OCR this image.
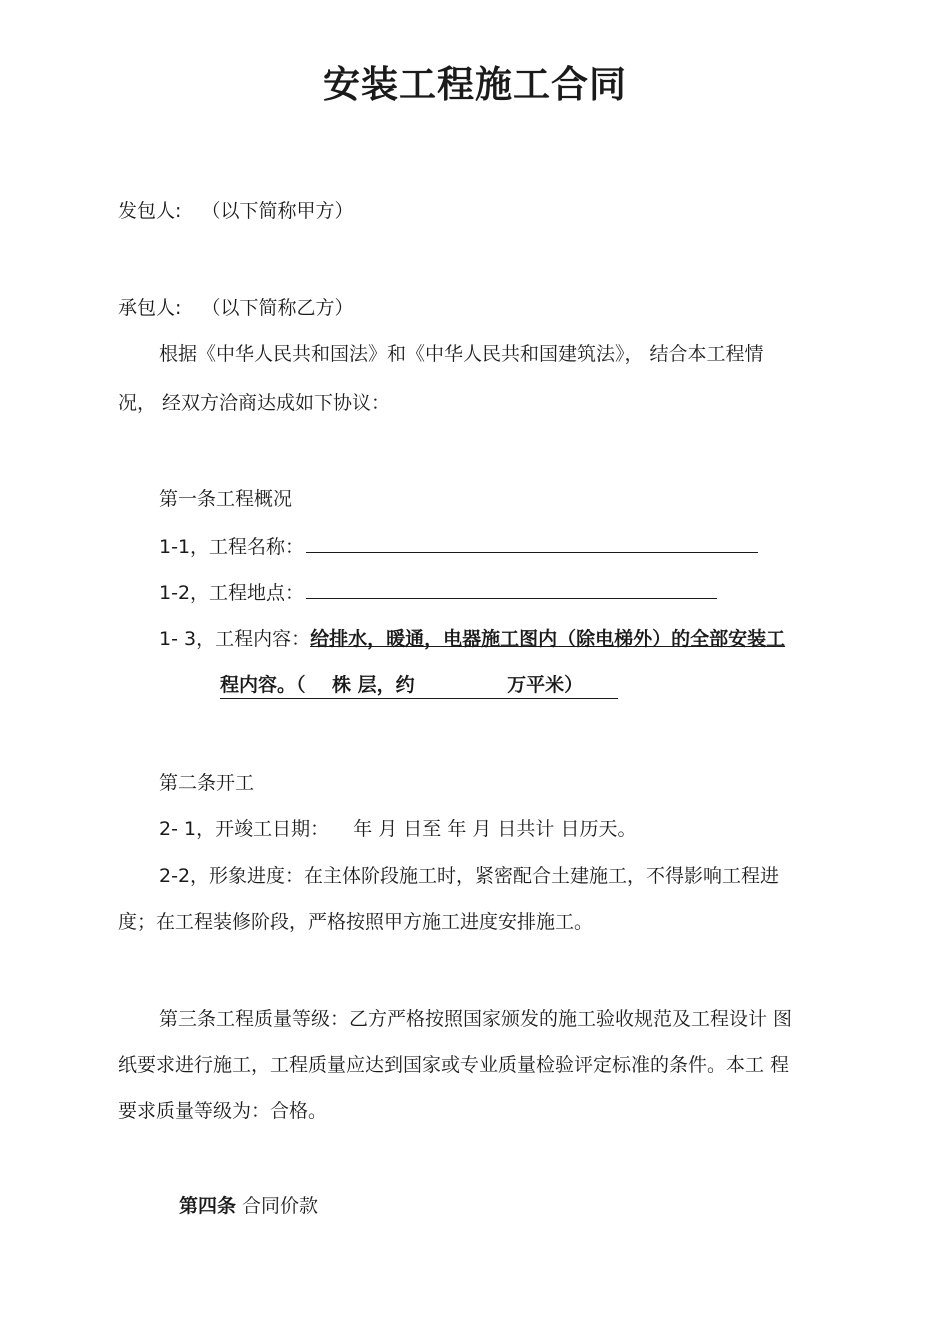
安装工程施工合同
发包人: （以下简称甲方）
承包人: （以下简称乙方）
根据《中华人民共和国法》和《中华人民共和国建筑法》， 结合本工程情
况， 经双方洽商达成如下协议：
第一条工程概况
1-1，工程名称：
1-2，工程地点：
1- 3，工程内容：给排水，暖通，电器施工图内（除电梯外）的全部安装工
程内容。（    株 层，约              万平米）
第二条开工
2- 1，开竣工日期：    年 月 日至 年 月 日共计 日历天。
2-2，形象进度：在主体阶段施工时，紧密配合土建施工，不得影响工程进
度；在工程装修阶段，严格按照甲方施工进度安排施工。
第三条工程质量等级：乙方严格按照国家颁发的施工验收规范及工程设计 图
纸要求进行施工，工程质量应达到国家或专业质量检验评定标准的条件。本工 程
要求质量等级为：合格。
第四条 合同价款
